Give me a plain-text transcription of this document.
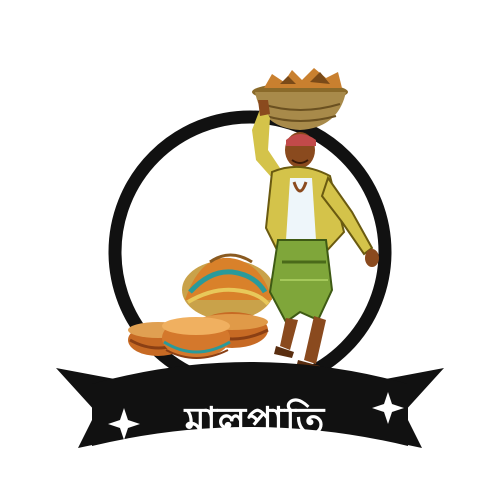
মালপাতি
